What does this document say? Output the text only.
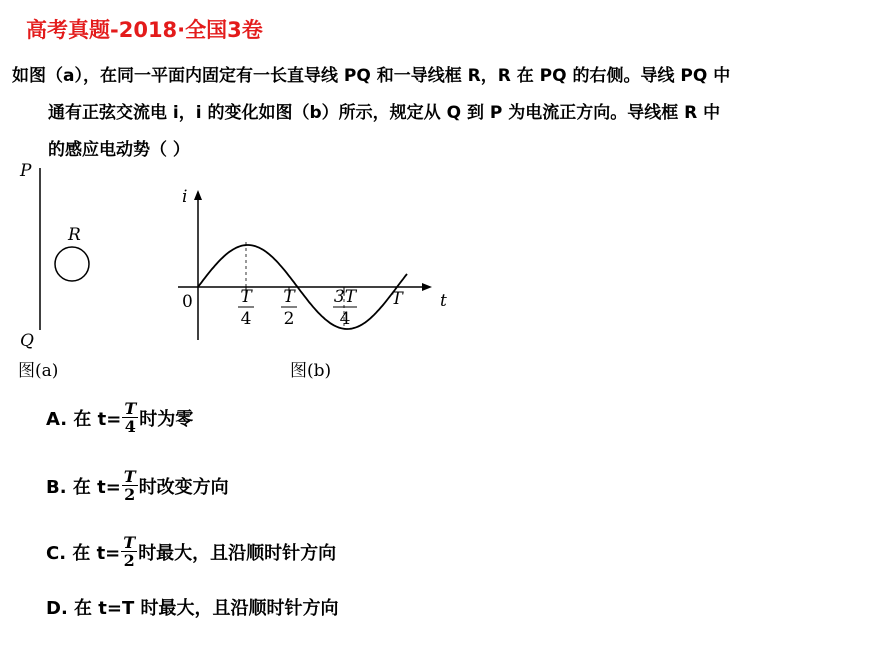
高考真题-2018·全国3卷
如图（a），在同一平面内固定有一长直导线 PQ 和一导线框 R，R 在 PQ 的右侧。导线 PQ 中
通有正弦交流电 i，i 的变化如图（b）所示，规定从 Q 到 P 为电流正方向。导线框 R 中
的感应电动势（ ）
P
Q
R
图(a)
i
t
0	T
4
T
2
3T
4
T
图(b)
A. 在 $t= \frac{T}{4}$ 时为零
B. 在 $t= \frac{T}{2}$ 时改变方向
C. 在 $t= \frac{T}{2}$ 时最大，且沿顺时针方向
D. 在 t=T 时最大，且沿顺时针方向
